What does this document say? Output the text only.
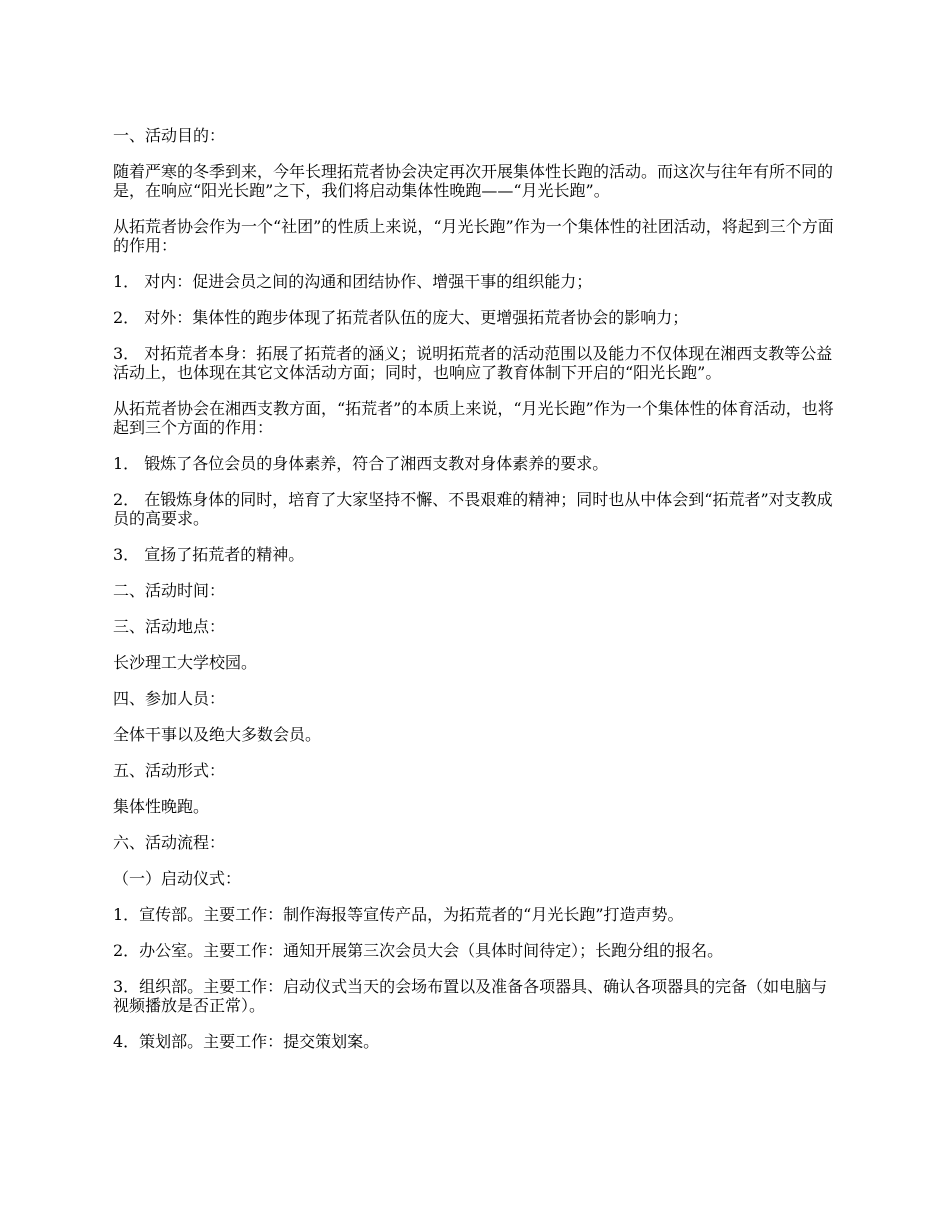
一、活动目的：

随着严寒的冬季到来，今年长理拓荒者协会决定再次开展集体性长跑的活动。而这次与往年有所不同的是，在响应“阳光长跑”之下，我们将启动集体性晚跑——“月光长跑”。

从拓荒者协会作为一个“社团”的性质上来说，“月光长跑”作为一个集体性的社团活动，将起到三个方面的作用：

1． 对内：促进会员之间的沟通和团结协作、增强干事的组织能力；

2． 对外：集体性的跑步体现了拓荒者队伍的庞大、更增强拓荒者协会的影响力；

3． 对拓荒者本身：拓展了拓荒者的涵义；说明拓荒者的活动范围以及能力不仅体现在湘西支教等公益活动上，也体现在其它文体活动方面；同时，也响应了教育体制下开启的“阳光长跑”。

从拓荒者协会在湘西支教方面，“拓荒者”的本质上来说，“月光长跑”作为一个集体性的体育活动，也将起到三个方面的作用：

1． 锻炼了各位会员的身体素养，符合了湘西支教对身体素养的要求。

2． 在锻炼身体的同时，培育了大家坚持不懈、不畏艰难的精神；同时也从中体会到“拓荒者”对支教成员的高要求。

3． 宣扬了拓荒者的精神。

二、活动时间：

三、活动地点：

长沙理工大学校园。

四、参加人员：

全体干事以及绝大多数会员。

五、活动形式：

集体性晚跑。

六、活动流程：

（一）启动仪式：

1．宣传部。主要工作：制作海报等宣传产品，为拓荒者的“月光长跑”打造声势。

2．办公室。主要工作：通知开展第三次会员大会（具体时间待定）；长跑分组的报名。

3．组织部。主要工作：启动仪式当天的会场布置以及准备各项器具、确认各项器具的完备（如电脑与视频播放是否正常）。

4．策划部。主要工作：提交策划案。
